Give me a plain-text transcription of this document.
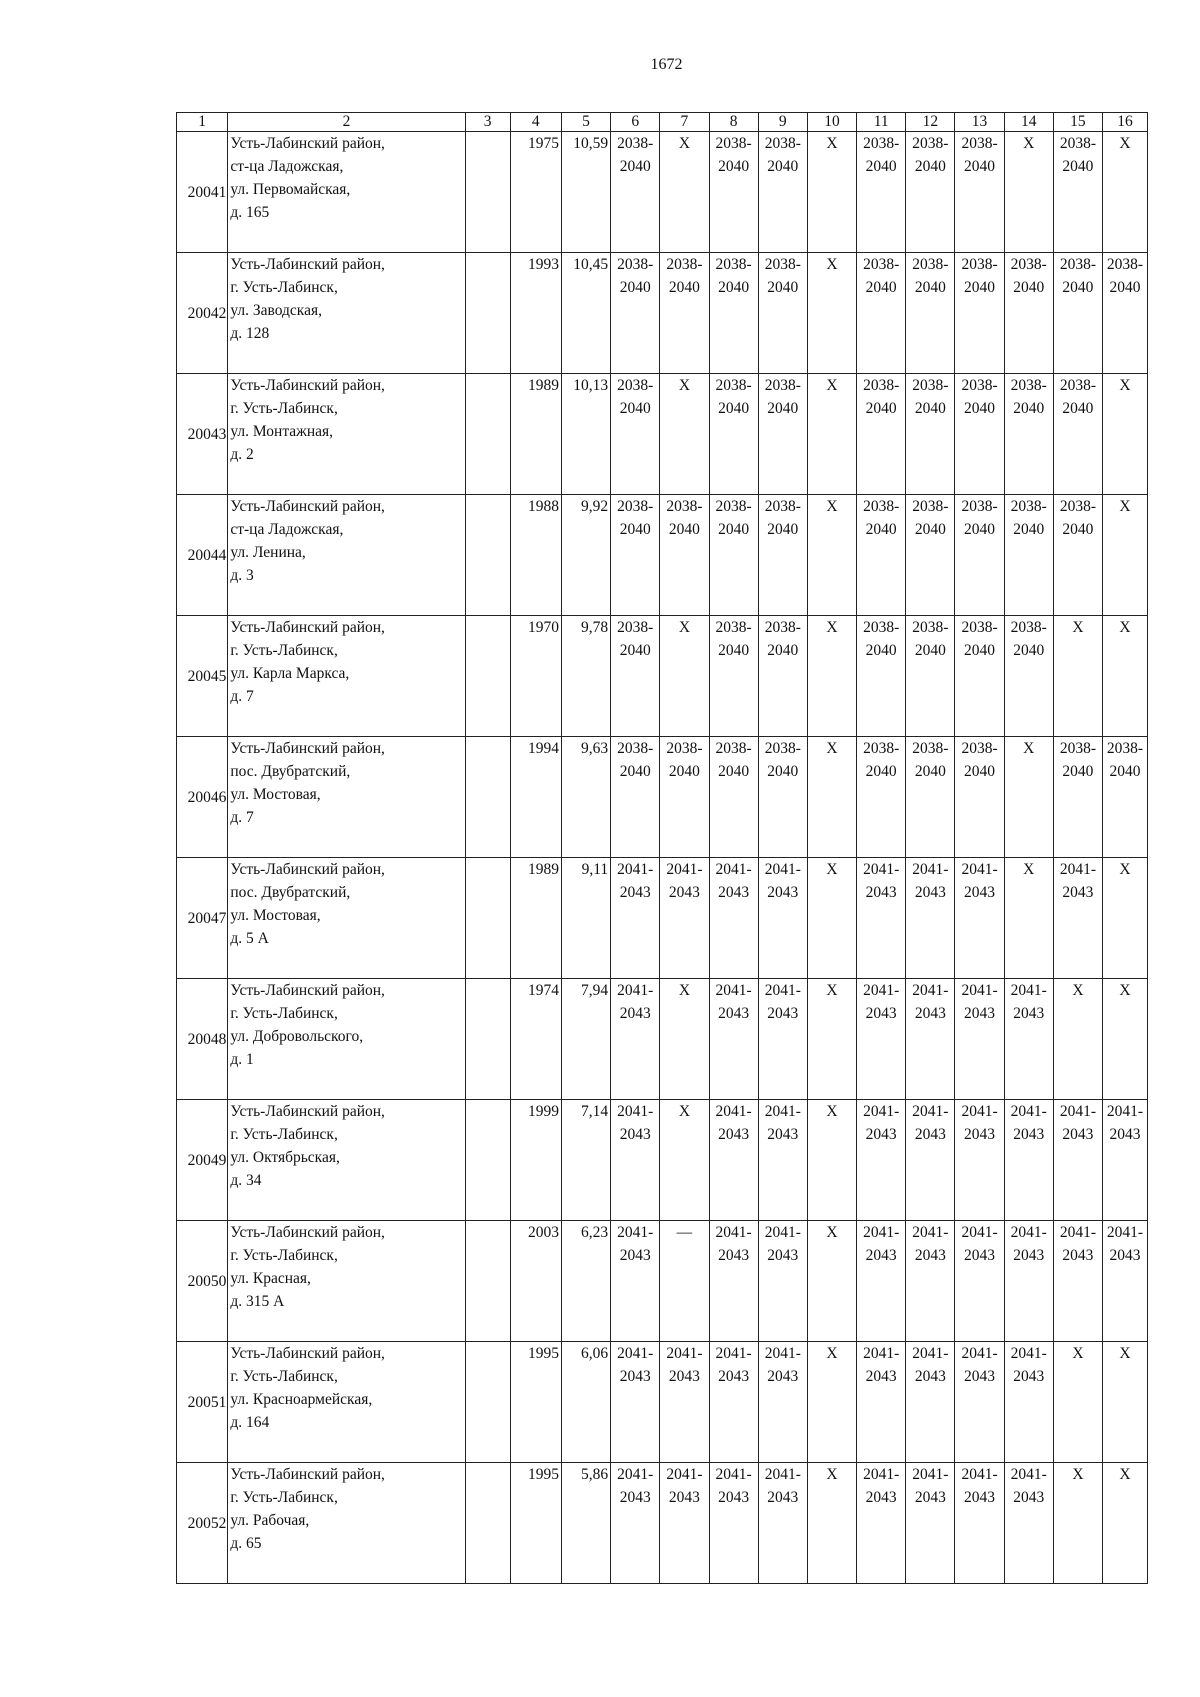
1672
1	2	3	4	5	6	7	8	9	10	11	12	13	14	15	16

20041	Усть-Лабинский район,
ст-ца Ладожская,
ул. Первомайская,
д. 165		1975	10,59	2038-
2040	X	2038-
2040	2038-
2040	X	2038-
2040	2038-
2040	2038-
2040	X	2038-
2040	X

20042	Усть-Лабинский район,
г. Усть-Лабинск,
ул. Заводская,
д. 128		1993	10,45	2038-
2040	2038-
2040	2038-
2040	2038-
2040	X	2038-
2040	2038-
2040	2038-
2040	2038-
2040	2038-
2040	2038-
2040

20043	Усть-Лабинский район,
г. Усть-Лабинск,
ул. Монтажная,
д. 2		1989	10,13	2038-
2040	X	2038-
2040	2038-
2040	X	2038-
2040	2038-
2040	2038-
2040	2038-
2040	2038-
2040	X

20044	Усть-Лабинский район,
ст-ца Ладожская,
ул. Ленина,
д. 3		1988	9,92	2038-
2040	2038-
2040	2038-
2040	2038-
2040	X	2038-
2040	2038-
2040	2038-
2040	2038-
2040	2038-
2040	X

20045	Усть-Лабинский район,
г. Усть-Лабинск,
ул. Карла Маркса,
д. 7		1970	9,78	2038-
2040	X	2038-
2040	2038-
2040	X	2038-
2040	2038-
2040	2038-
2040	2038-
2040	X	X

20046	Усть-Лабинский район,
пос. Двубратский,
ул. Мостовая,
д. 7		1994	9,63	2038-
2040	2038-
2040	2038-
2040	2038-
2040	X	2038-
2040	2038-
2040	2038-
2040	X	2038-
2040	2038-
2040

20047	Усть-Лабинский район,
пос. Двубратский,
ул. Мостовая,
д. 5 А		1989	9,11	2041-
2043	2041-
2043	2041-
2043	2041-
2043	X	2041-
2043	2041-
2043	2041-
2043	X	2041-
2043	X

20048	Усть-Лабинский район,
г. Усть-Лабинск,
ул. Добровольского,
д. 1		1974	7,94	2041-
2043	X	2041-
2043	2041-
2043	X	2041-
2043	2041-
2043	2041-
2043	2041-
2043	X	X

20049	Усть-Лабинский район,
г. Усть-Лабинск,
ул. Октябрьская,
д. 34		1999	7,14	2041-
2043	X	2041-
2043	2041-
2043	X	2041-
2043	2041-
2043	2041-
2043	2041-
2043	2041-
2043	2041-
2043

20050	Усть-Лабинский район,
г. Усть-Лабинск,
ул. Красная,
д. 315 А		2003	6,23	2041-
2043	—	2041-
2043	2041-
2043	X	2041-
2043	2041-
2043	2041-
2043	2041-
2043	2041-
2043	2041-
2043

20051	Усть-Лабинский район,
г. Усть-Лабинск,
ул. Красноармейская,
д. 164		1995	6,06	2041-
2043	2041-
2043	2041-
2043	2041-
2043	X	2041-
2043	2041-
2043	2041-
2043	2041-
2043	X	X

20052	Усть-Лабинский район,
г. Усть-Лабинск,
ул. Рабочая,
д. 65		1995	5,86	2041-
2043	2041-
2043	2041-
2043	2041-
2043	X	2041-
2043	2041-
2043	2041-
2043	2041-
2043	X	X
